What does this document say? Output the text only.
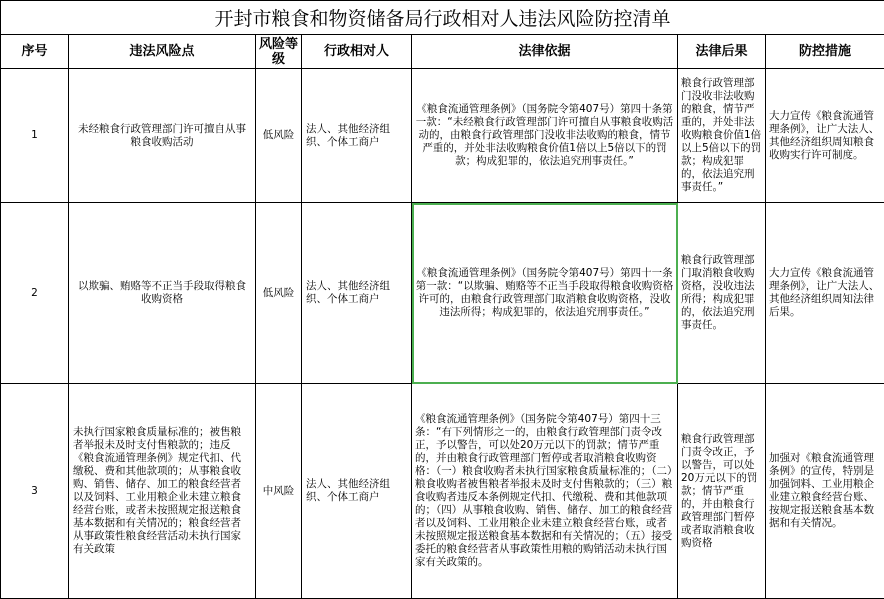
开封市粮食和物资储备局行政相对人违法风险防控清单						
序号	违法风险点	风险等级	行政相对人	法律依据	法律后果	防控措施
1	未经粮食行政管理部门许可擅自从事粮食收购活动	低风险	法人、其他经济组织、个体工商户	《粮食流通管理条例》（国务院令第407号）第四十条第一款：“未经粮食行政管理部门许可擅自从事粮食收购活动的，由粮食行政管理部门没收非法收购的粮食，情节严重的，并处非法收购粮食价值1倍以上5倍以下的罚款；构成犯罪的，依法追究刑事责任。”	粮食行政管理部门没收非法收购的粮食，情节严重的，并处非法收购粮食价值1倍以上5倍以下的罚款；构成犯罪的，依法追究刑事责任。”	大力宣传《粮食流通管理条例》，让广大法人、其他经济组织周知粮食收购实行许可制度。
2	以欺骗、贿赂等不正当手段取得粮食收购资格	低风险	法人、其他经济组织、个体工商户	《粮食流通管理条例》（国务院令第407号）第四十一条第一款：“以欺骗、贿赂等不正当手段取得粮食收购资格许可的，由粮食行政管理部门取消粮食收购资格，没收违法所得；构成犯罪的，依法追究刑事责任。”	粮食行政管理部门取消粮食收购资格，没收违法所得；构成犯罪的，依法追究刑事责任。	大力宣传《粮食流通管理条例》，让广大法人、其他经济组织周知法律后果。
3	未执行国家粮食质量标准的；被售粮者举报未及时支付售粮款的；违反《粮食流通管理条例》规定代扣、代缴税、费和其他款项的；从事粮食收购、销售、储存、加工的粮食经营者以及饲料、工业用粮企业未建立粮食经营台账，或者未按照规定报送粮食基本数据和有关情况的；粮食经营者从事政策性粮食经营活动未执行国家有关政策	中风险	法人、其他经济组织、个体工商户	《粮食流通管理条例》（国务院令第407号）第四十三条：“有下列情形之一的，由粮食行政管理部门责令改正，予以警告，可以处20万元以下的罚款；情节严重的，并由粮食行政管理部门暂停或者取消粮食收购资格：（一）粮食收购者未执行国家粮食质量标准的；（二）粮食收购者被售粮者举报未及时支付售粮款的；（三）粮食收购者违反本条例规定代扣、代缴税、费和其他款项的；（四）从事粮食收购、销售、储存、加工的粮食经营者以及饲料、工业用粮企业未建立粮食经营台账，或者未按照规定报送粮食基本数据和有关情况的；（五）接受委托的粮食经营者从事政策性用粮的购销活动未执行国家有关政策的。	粮食行政管理部门责令改正，予以警告，可以处20万元以下的罚款；情节严重的，并由粮食行政管理部门暂停或者取消粮食收购资格	加强对《粮食流通管理条例》的宣传，特别是加强饲料、工业用粮企业建立粮食经营台账、按规定报送粮食基本数据和有关情况。
